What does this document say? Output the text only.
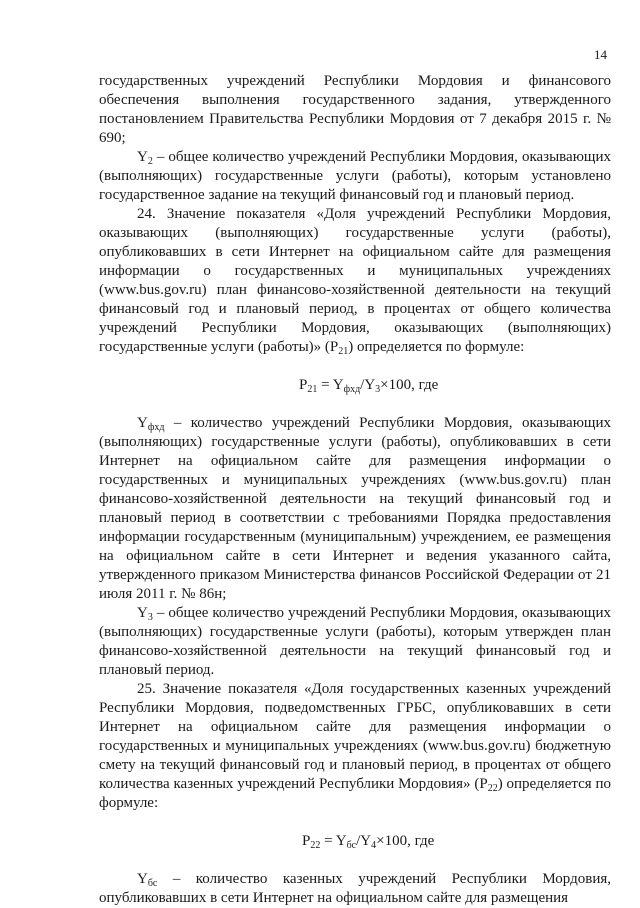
14

государственных учреждений Республики Мордовия и финансового обеспечения выполнения государственного задания, утвержденного постановлением Правительства Республики Мордовия от 7 декабря 2015 г. № 690;

$Y_2$ – общее количество учреждений Республики Мордовия, оказывающих (выполняющих) государственные услуги (работы), которым установлено государственное задание на текущий финансовый год и плановый период.

24. Значение показателя «Доля учреждений Республики Мордовия, оказывающих (выполняющих) государственные услуги (работы), опубликовавших в сети Интернет на официальном сайте для размещения информации о государственных и муниципальных учреждениях (www.bus.gov.ru) план финансово-хозяйственной деятельности на текущий финансовый год и плановый период, в процентах от общего количества учреждений Республики Мордовия, оказывающих (выполняющих) государственные услуги (работы)» $(P_{21})$ определяется по формуле:

$P_{21} = Y_{фхд}/Y_3\times 100$, где

$Y_{фхд}$ – количество учреждений Республики Мордовия, оказывающих (выполняющих) государственные услуги (работы), опубликовавших в сети Интернет на официальном сайте для размещения информации о государственных и муниципальных учреждениях (www.bus.gov.ru) план финансово-хозяйственной деятельности на текущий финансовый год и плановый период в соответствии с требованиями Порядка предоставления информации государственным (муниципальным) учреждением, ее размещения на официальном сайте в сети Интернет и ведения указанного сайта, утвержденного приказом Министерства финансов Российской Федерации от 21 июля 2011 г. № 86н;

$Y_3$ – общее количество учреждений Республики Мордовия, оказывающих (выполняющих) государственные услуги (работы), которым утвержден план финансово-хозяйственной деятельности на текущий финансовый год и плановый период.

25. Значение показателя «Доля государственных казенных учреждений Республики Мордовия, подведомственных ГРБС, опубликовавших в сети Интернет на официальном сайте для размещения информации о государственных и муниципальных учреждениях (www.bus.gov.ru) бюджетную смету на текущий финансовый год и плановый период, в процентах от общего количества казенных учреждений Республики Мордовия» $(P_{22})$ определяется по формуле:

$P_{22} = Y_{бс}/Y_4\times 100$, где

$Y_{бс}$ – количество казенных учреждений Республики Мордовия, опубликовавших в сети Интернет на официальном сайте для размещения
